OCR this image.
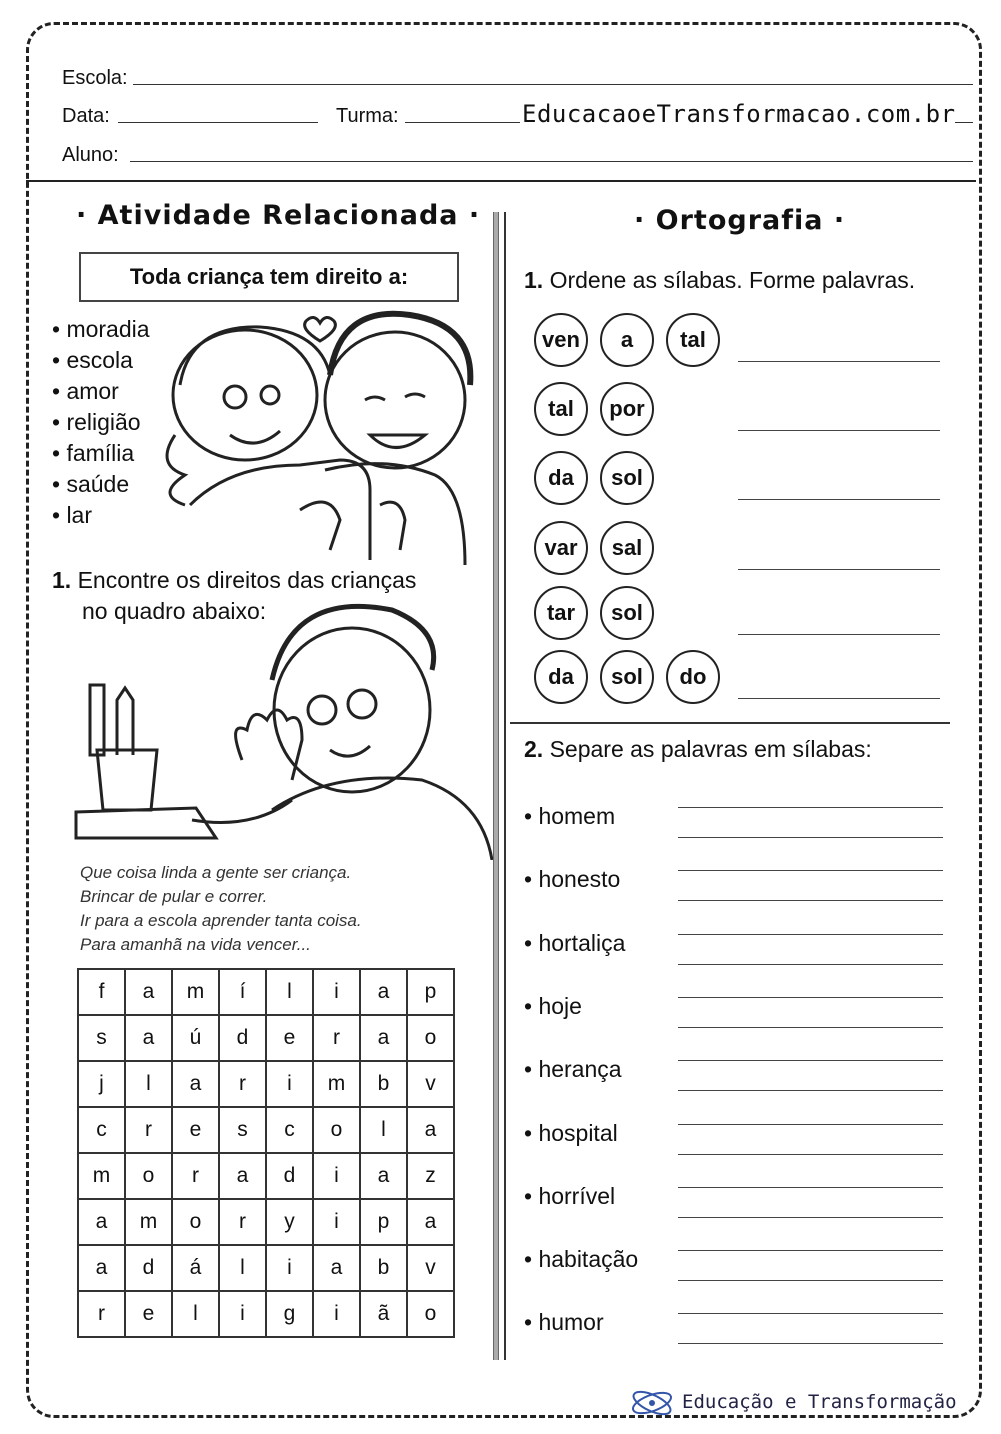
Escola:
Data:	Turma:	EducacaoeTransformacao.com.br
Aluno:
· Atividade Relacionada ·
Toda criança tem direito a:
• moradia
• escola
• amor
• religião
• família
• saúde
• lar
1. Encontre os direitos das crianças
no quadro abaixo:
Que coisa linda a gente ser criança.
Brincar de pular e correr.
Ir para a escola aprender tanta coisa.
Para amanhã na vida vencer...
f	a	m	í	l	i	a	p
s	a	ú	d	e	r	a	o
j	l	a	r	i	m	b	v
c	r	e	s	c	o	l	a
m	o	r	a	d	i	a	z
a	m	o	r	y	i	p	a
a	d	á	l	i	a	b	v
r	e	l	i	g	i	ã	o
· Ortografia ·
1. Ordene as sílabas. Forme palavras.
ven	a	tal
tal	por
da	sol
var	sal
tar	sol
da	sol	do
2. Separe as palavras em sílabas:
• homem
• honesto
• hortaliça
• hoje
• herança
• hospital
• horrível
• habitação
• humor
Educação e Transformação
